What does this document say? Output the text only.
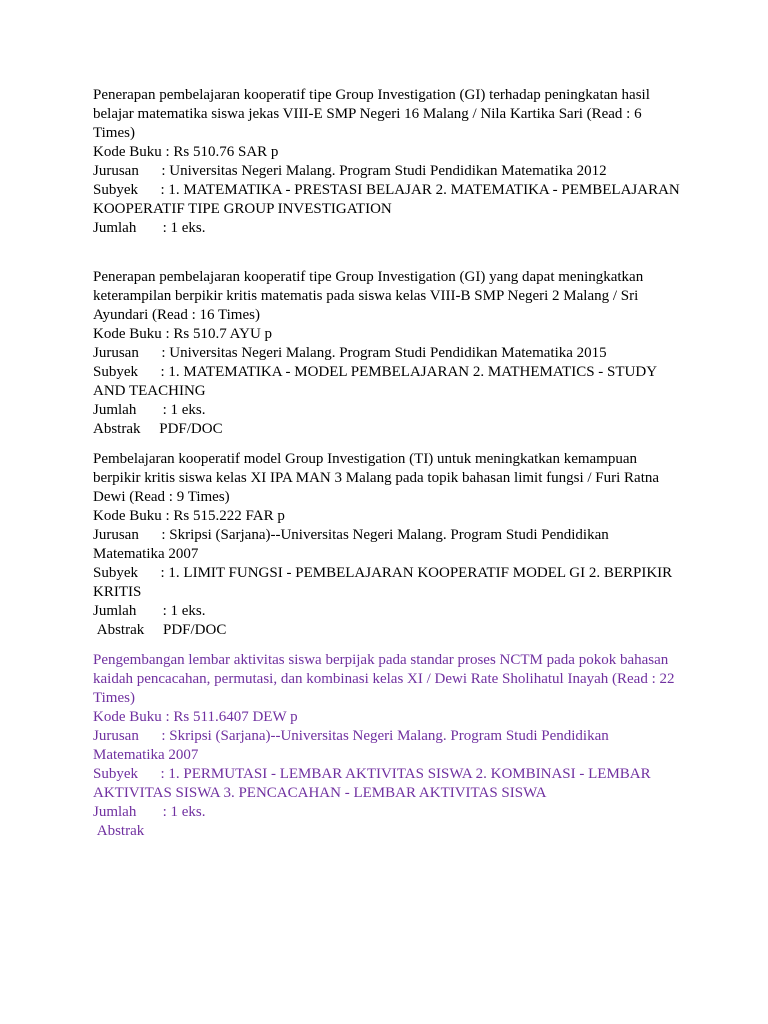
Penerapan pembelajaran kooperatif tipe Group Investigation (GI) terhadap peningkatan hasil belajar matematika siswa jekas VIII-E SMP Negeri 16 Malang / Nila Kartika Sari (Read : 6 Times)

Kode Buku : Rs 510.76 SAR p

Jurusan      : Universitas Negeri Malang. Program Studi Pendidikan Matematika 2012

Subyek      : 1. MATEMATIKA - PRESTASI BELAJAR 2. MATEMATIKA - PEMBELAJARAN KOOPERATIF TIPE GROUP INVESTIGATION

Jumlah       : 1 eks.

Penerapan pembelajaran kooperatif tipe Group Investigation (GI) yang dapat meningkatkan keterampilan berpikir kritis matematis pada siswa kelas VIII-B SMP Negeri 2 Malang / Sri Ayundari (Read : 16 Times)

Kode Buku : Rs 510.7 AYU p

Jurusan      : Universitas Negeri Malang. Program Studi Pendidikan Matematika 2015

Subyek      : 1. MATEMATIKA - MODEL PEMBELAJARAN 2. MATHEMATICS - STUDY AND TEACHING

Jumlah       : 1 eks.

Abstrak     PDF/DOC

Pembelajaran kooperatif model Group Investigation (TI) untuk meningkatkan kemampuan berpikir kritis siswa kelas XI IPA MAN 3 Malang pada topik bahasan limit fungsi / Furi Ratna Dewi (Read : 9 Times)

Kode Buku : Rs 515.222 FAR p

Jurusan      : Skripsi (Sarjana)--Universitas Negeri Malang. Program Studi Pendidikan Matematika 2007

Subyek      : 1. LIMIT FUNGSI - PEMBELAJARAN KOOPERATIF MODEL GI 2. BERPIKIR KRITIS

Jumlah       : 1 eks.

Abstrak     PDF/DOC

Pengembangan lembar aktivitas siswa berpijak pada standar proses NCTM pada pokok bahasan kaidah pencacahan, permutasi, dan kombinasi kelas XI / Dewi Rate Sholihatul Inayah (Read : 22 Times)

Kode Buku : Rs 511.6407 DEW p

Jurusan      : Skripsi (Sarjana)--Universitas Negeri Malang. Program Studi Pendidikan Matematika 2007

Subyek      : 1. PERMUTASI - LEMBAR AKTIVITAS SISWA 2. KOMBINASI - LEMBAR AKTIVITAS SISWA 3. PENCACAHAN - LEMBAR AKTIVITAS SISWA

Jumlah       : 1 eks.

Abstrak
